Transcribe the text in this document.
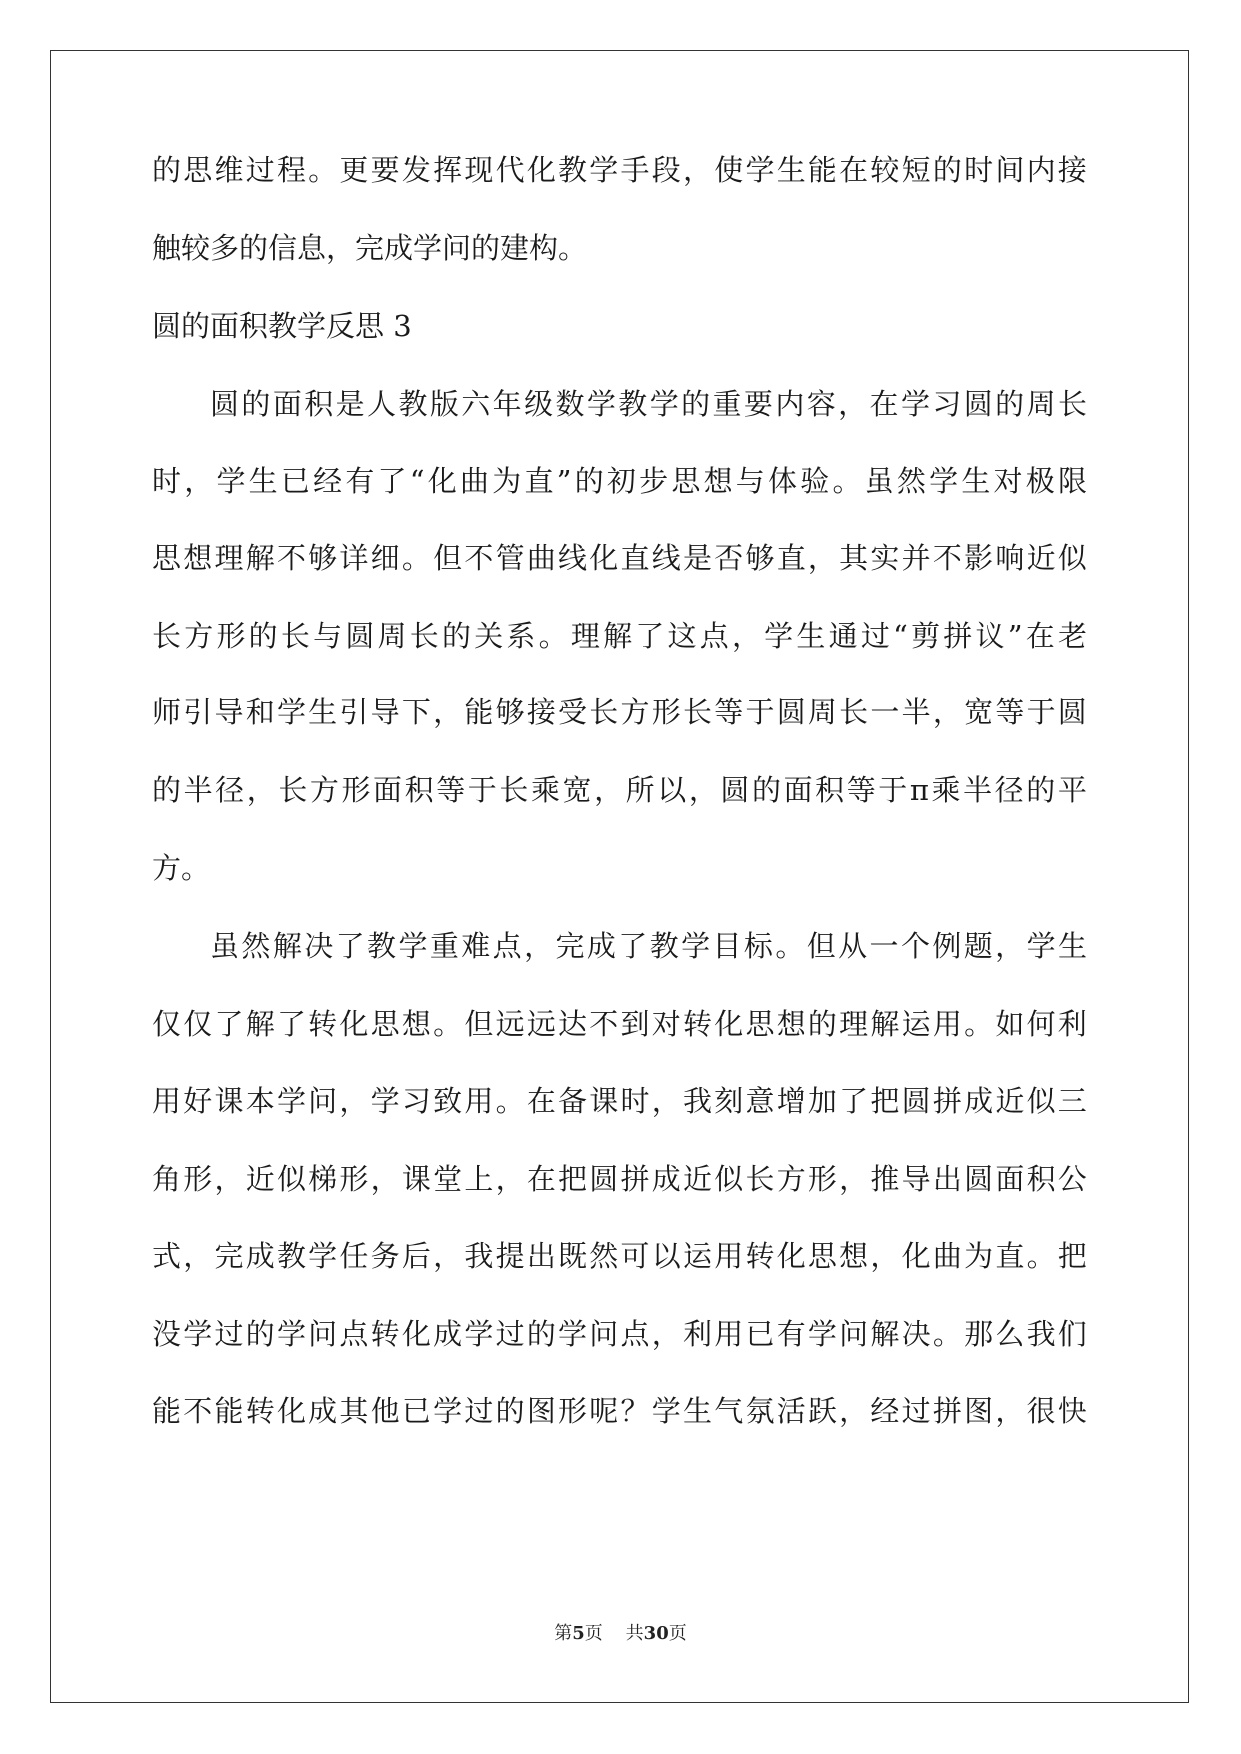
的 思 维 过 程 。 更 要 发 挥 现 代 化 教 学 手 段 ， 使 学 生 能 在 较 短 的 时 间 内 接
触较多的信息，完成学问的建构。
圆的面积教学反思 3
圆 的 面 积 是 人 教 版 六 年 级 数 学 教 学 的 重 要 内 容 ， 在 学 习 圆 的 周 长
时 ， 学 生 已 经 有 了 “ 化 曲 为 直 ” 的 初 步 思 想 与 体 验 。 虽 然 学 生 对 极 限
思 想 理 解 不 够 详 细 。 但 不 管 曲 线 化 直 线 是 否 够 直 ， 其 实 并 不 影 响 近 似
长 方 形 的 长 与 圆 周 长 的 关 系 。 理 解 了 这 点 ， 学 生 通 过 “ 剪 拼 议 ” 在 老
师 引 导 和 学 生 引 导 下 ， 能 够 接 受 长 方 形 长 等 于 圆 周 长 一 半 ， 宽 等 于 圆
的 半 径 ， 长 方 形 面 积 等 于 长 乘 宽 ， 所 以 ， 圆 的 面 积 等 于 π 乘 半 径 的 平
方。
虽 然 解 决 了 教 学 重 难 点 ， 完 成 了 教 学 目 标 。 但 从 一 个 例 题 ， 学 生
仅 仅 了 解 了 转 化 思 想 。 但 远 远 达 不 到 对 转 化 思 想 的 理 解 运 用 。 如 何 利
用 好 课 本 学 问 ， 学 习 致 用 。 在 备 课 时 ， 我 刻 意 增 加 了 把 圆 拼 成 近 似 三
角 形 ， 近 似 梯 形 ， 课 堂 上 ， 在 把 圆 拼 成 近 似 长 方 形 ， 推 导 出 圆 面 积 公
式 ， 完 成 教 学 任 务 后 ， 我 提 出 既 然 可 以 运 用 转 化 思 想 ， 化 曲 为 直 。 把
没 学 过 的 学 问 点 转 化 成 学 过 的 学 问 点 ， 利 用 已 有 学 问 解 决 。 那 么 我 们
能 不 能 转 化 成 其 他 已 学 过 的 图 形 呢 ？ 学 生 气 氛 活 跃 ， 经 过 拼 图 ， 很 快
第5页 共30页
